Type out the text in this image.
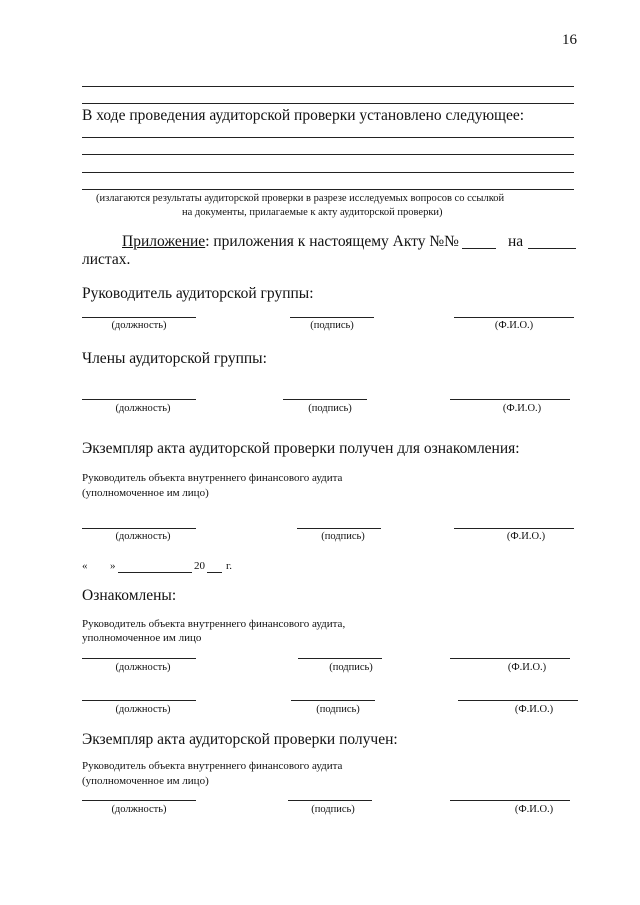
16
В ходе проведения аудиторской проверки установлено следующее:
(излагаются результаты аудиторской проверки в разрезе исследуемых вопросов со ссылкой
на документы, прилагаемые к акту аудиторской проверки)
Приложение: приложения к настоящему Акту №№	на
листах.
Руководитель аудиторской группы:
(должность)	(подпись)	(Ф.И.О.)
Члены аудиторской группы:
(должность)	(подпись)	(Ф.И.О.)
Экземпляр акта аудиторской проверки получен для ознакомления:
Руководитель объекта внутреннего финансового аудита
(уполномоченное им лицо)
(должность)	(подпись)	(Ф.И.О.)
« »	20 г.
Ознакомлены:
Руководитель объекта внутреннего финансового аудита,
уполномоченное им лицо
(должность)	(подпись)	(Ф.И.О.)
(должность)	(подпись)	(Ф.И.О.)
Экземпляр акта аудиторской проверки получен:
Руководитель объекта внутреннего финансового аудита
(уполномоченное им лицо)
(должность)	(подпись)	(Ф.И.О.)
